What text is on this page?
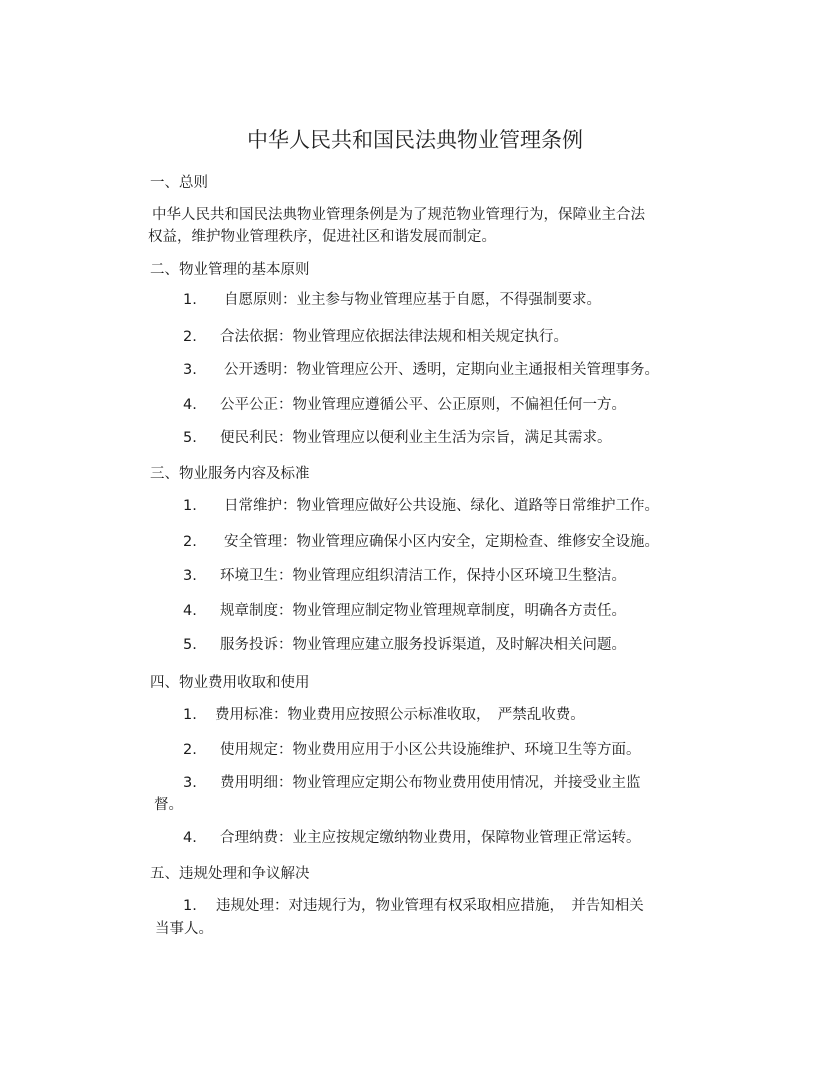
中华人民共和国民法典物业管理条例
一、总则
中华人民共和国民法典物业管理条例是为了规范物业管理行为，保障业主合法
权益，维护物业管理秩序，促进社区和谐发展而制定。
二、物业管理的基本原则
1. 自愿原则：业主参与物业管理应基于自愿，不得强制要求。
2. 合法依据：物业管理应依据法律法规和相关规定执行。
3. 公开透明：物业管理应公开、透明，定期向业主通报相关管理事务。
4. 公平公正：物业管理应遵循公平、公正原则，不偏袒任何一方。
5. 便民利民：物业管理应以便利业主生活为宗旨，满足其需求。
三、物业服务内容及标准
1. 日常维护：物业管理应做好公共设施、绿化、道路等日常维护工作。
2. 安全管理：物业管理应确保小区内安全，定期检查、维修安全设施。
3. 环境卫生：物业管理应组织清洁工作，保持小区环境卫生整洁。
4. 规章制度：物业管理应制定物业管理规章制度，明确各方责任。
5. 服务投诉：物业管理应建立服务投诉渠道，及时解决相关问题。
四、物业费用收取和使用
1. 费用标准：物业费用应按照公示标准收取，　严禁乱收费。
2. 使用规定：物业费用应用于小区公共设施维护、环境卫生等方面。
3. 费用明细：物业管理应定期公布物业费用使用情况，并接受业主监
督。
4. 合理纳费：业主应按规定缴纳物业费用，保障物业管理正常运转。
五、违规处理和争议解决
1. 违规处理：对违规行为，物业管理有权采取相应措施，　并告知相关
当事人。
